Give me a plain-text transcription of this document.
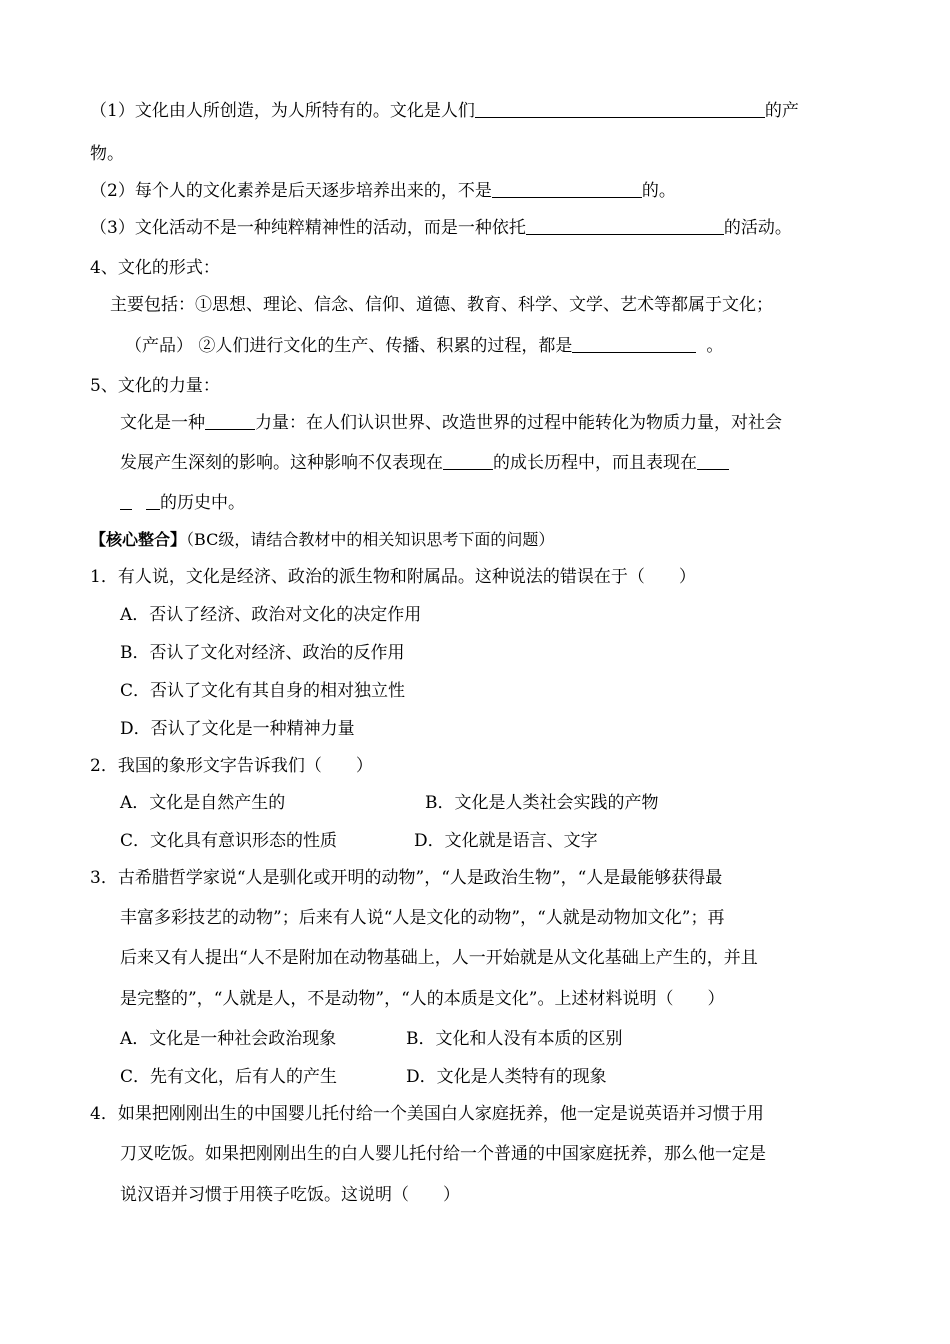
（1）文化由人所创造，为人所特有的。文化是人们	的产
物。
（2）每个人的文化素养是后天逐步培养出来的，不是	的。
（3）文化活动不是一种纯粹精神性的活动，而是一种依托	的活动。
4、文化的形式：
主要包括：①思想、理论、信念、信仰、道德、教育、科学、文学、艺术等都属于文化；
（产品） ②人们进行文化的生产、传播、积累的过程，都是	。
5、文化的力量：
文化是一种	力量：在人们认识世界、改造世界的过程中能转化为物质力量，对社会
发展产生深刻的影响。这种影响不仅表现在	的成长历程中，而且表现在
的历史中。
【核心整合】（BC级，请结合教材中的相关知识思考下面的问题）
1．有人说，文化是经济、政治的派生物和附属品。这种说法的错误在于（　　）
A．否认了经济、政治对文化的决定作用
B．否认了文化对经济、政治的反作用
C．否认了文化有其自身的相对独立性
D．否认了文化是一种精神力量
2．我国的象形文字告诉我们（　　）
A．文化是自然产生的	B．文化是人类社会实践的产物
C．文化具有意识形态的性质	D．文化就是语言、文字
3．古希腊哲学家说“人是驯化或开明的动物”，“人是政治生物”，“人是最能够获得最
丰富多彩技艺的动物”；后来有人说“人是文化的动物”，“人就是动物加文化”；再
后来又有人提出“人不是附加在动物基础上，人一开始就是从文化基础上产生的，并且
是完整的”，“人就是人，不是动物”，“人的本质是文化”。上述材料说明（　　）
A．文化是一种社会政治现象	B．文化和人没有本质的区别
C．先有文化，后有人的产生	D．文化是人类特有的现象
4．如果把刚刚出生的中国婴儿托付给一个美国白人家庭抚养，他一定是说英语并习惯于用
刀叉吃饭。如果把刚刚出生的白人婴儿托付给一个普通的中国家庭抚养，那么他一定是
说汉语并习惯于用筷子吃饭。这说明（　　）
